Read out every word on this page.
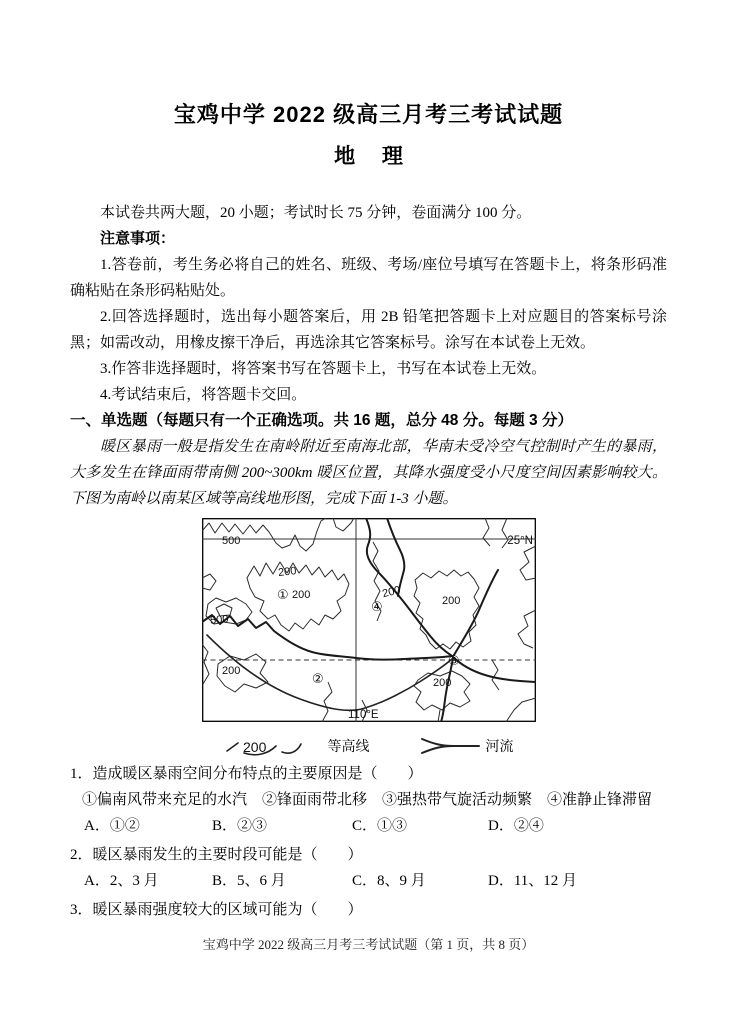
宝鸡中学 2022 级高三月考三考试试题
地　 理

本试卷共两大题，20 小题；考试时长 75 分钟，卷面满分 100 分。

注意事项：

1.答卷前，考生务必将自己的姓名、班级、考场/座位号填写在答题卡上，将条形码准确粘贴在条形码粘贴处。

2.回答选择题时，选出每小题答案后，用 2B 铅笔把答题卡上对应题目的答案标号涂黑；如需改动，用橡皮擦干净后，再选涂其它答案标号。涂写在本试卷上无效。

3.作答非选择题时，将答案书写在答题卡上，书写在本试卷上无效。

4.考试结束后，将答题卡交回。

一、单选题（每题只有一个正确选项。共 16 题，总分 48 分。每题 3 分）

暖区暴雨一般是指发生在南岭附近至南海北部，华南未受冷空气控制时产生的暴雨，大多发生在锋面雨带南侧 200~300km 暖区位置，其降水强度受小尺度空间因素影响较大。下图为南岭以南某区域等高线地形图，完成下面 1-3 小题。

500	25°N
200
① 200
500
200
④	200
③
200	②	200
110°E
200	等高线	河流

1．造成暖区暴雨空间分布特点的主要原因是（　　）

①偏南风带来充足的水汽　②锋面雨带北移　③强热带气旋活动频繁　④准静止锋滞留

A．①②	B．②③	C．①③	D．②④

2．暖区暴雨发生的主要时段可能是（　　）

A．2、3 月	B．5、6 月	C．8、9 月	D．11、12 月

3．暖区暴雨强度较大的区域可能为（　　）

宝鸡中学 2022 级高三月考三考试试题（第 1 页，共 8 页）
